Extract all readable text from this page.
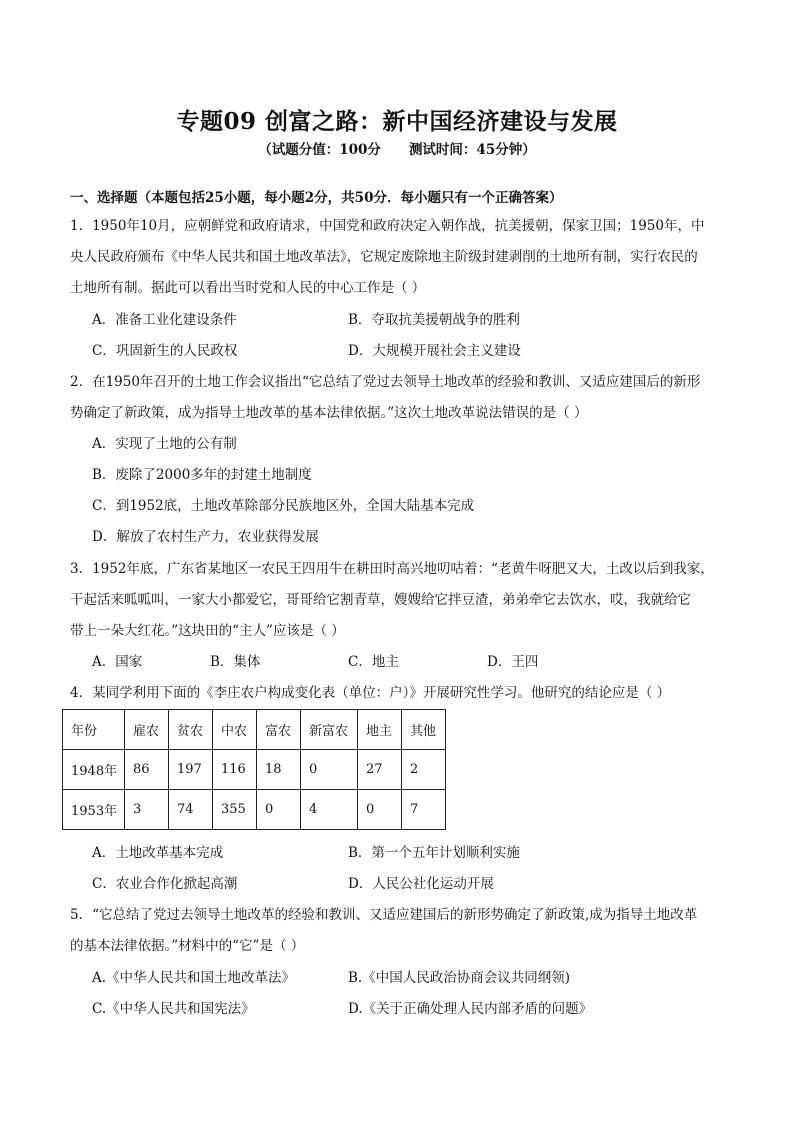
专题09 创富之路：新中国经济建设与发展
（试题分值：100分 测试时间：45分钟）
一、选择题（本题包括25小题，每小题2分，共50分．每小题只有一个正确答案）
1．1950年10月，应朝鲜党和政府请求，中国党和政府决定入朝作战，抗美援朝，保家卫国；1950年，中
央人民政府颁布《中华人民共和国土地改革法》，它规定废除地主阶级封建剥削的土地所有制，实行农民的
土地所有制。据此可以看出当时党和人民的中心工作是（ ）
A．准备工业化建设条件	B．夺取抗美援朝战争的胜利
C．巩固新生的人民政权	D．大规模开展社会主义建设
2．在1950年召开的土地工作会议指出“它总结了党过去领导土地改革的经验和教训、又适应建国后的新形
势确定了新政策，成为指导土地改革的基本法律依据。”这次土地改革说法错误的是（ ）
A．实现了土地的公有制
B．废除了2000多年的封建土地制度
C．到1952底，土地改革除部分民族地区外，全国大陆基本完成
D．解放了农村生产力，农业获得发展
3．1952年底，广东省某地区一农民王四用牛在耕田时高兴地叨咕着：“老黄牛呀肥又大，土改以后到我家，
干起活来呱呱叫，一家大小都爱它，哥哥给它割青草，嫂嫂给它拌豆渣，弟弟牵它去饮水，哎，我就给它
带上一朵大红花。”这块田的“主人”应该是（ ）
A．国家	B．集体	C．地主	D．王四
4．某同学利用下面的《李庄农户构成变化表（单位：户）》开展研究性学习。他研究的结论应是（ ）
年份	雇农	贫农	中农	富农	新富农	地主	其他
1948年	86	197	116	18	0	27	2
1953年	3	74	355	0	4	0	7
A．土地改革基本完成	B．第一个五年计划顺利实施
C．农业合作化掀起高潮	D．人民公社化运动开展
5．“它总结了党过去领导土地改革的经验和教训、又适应建国后的新形势确定了新政策,成为指导土地改革
的基本法律依据。”材料中的“它”是（ ）
A.《中华人民共和国土地改革法》	B.《中国人民政治协商会议共同纲领)
C.《中华人民共和国宪法》	D.《关于正确处理人民内部矛盾的问题》
